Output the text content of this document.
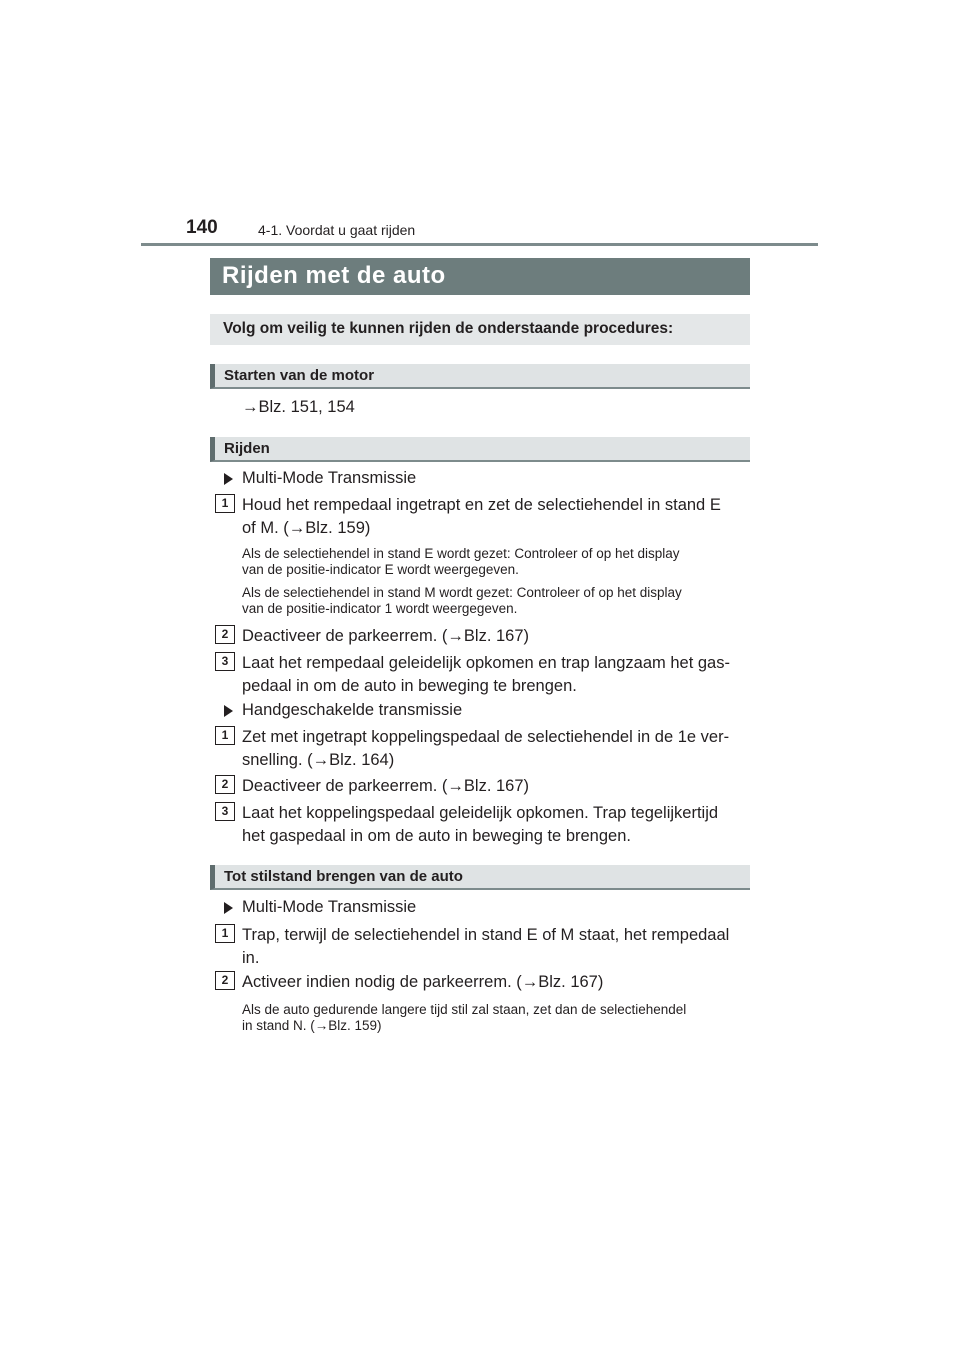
140	4-1. Voordat u gaat rijden
Rijden met de auto
Volg om veilig te kunnen rijden de onderstaande procedures:
Starten van de motor
→Blz. 151, 154
Rijden
Multi-Mode Transmissie
1 Houd het rempedaal ingetrapt en zet de selectiehendel in stand E
of M. (→Blz. 159)
Als de selectiehendel in stand E wordt gezet: Controleer of op het display
van de positie-indicator E wordt weergegeven.
Als de selectiehendel in stand M wordt gezet: Controleer of op het display
van de positie-indicator 1 wordt weergegeven.
2 Deactiveer de parkeerrem. (→Blz. 167)
3 Laat het rempedaal geleidelijk opkomen en trap langzaam het gas-
pedaal in om de auto in beweging te brengen.
Handgeschakelde transmissie
1 Zet met ingetrapt koppelingspedaal de selectiehendel in de 1e ver-
snelling. (→Blz. 164)
2 Deactiveer de parkeerrem. (→Blz. 167)
3 Laat het koppelingspedaal geleidelijk opkomen. Trap tegelijkertijd
het gaspedaal in om de auto in beweging te brengen.
Tot stilstand brengen van de auto
Multi-Mode Transmissie
1 Trap, terwijl de selectiehendel in stand E of M staat, het rempedaal
in.
2 Activeer indien nodig de parkeerrem. (→Blz. 167)
Als de auto gedurende langere tijd stil zal staan, zet dan de selectiehendel
in stand N. (→Blz. 159)
